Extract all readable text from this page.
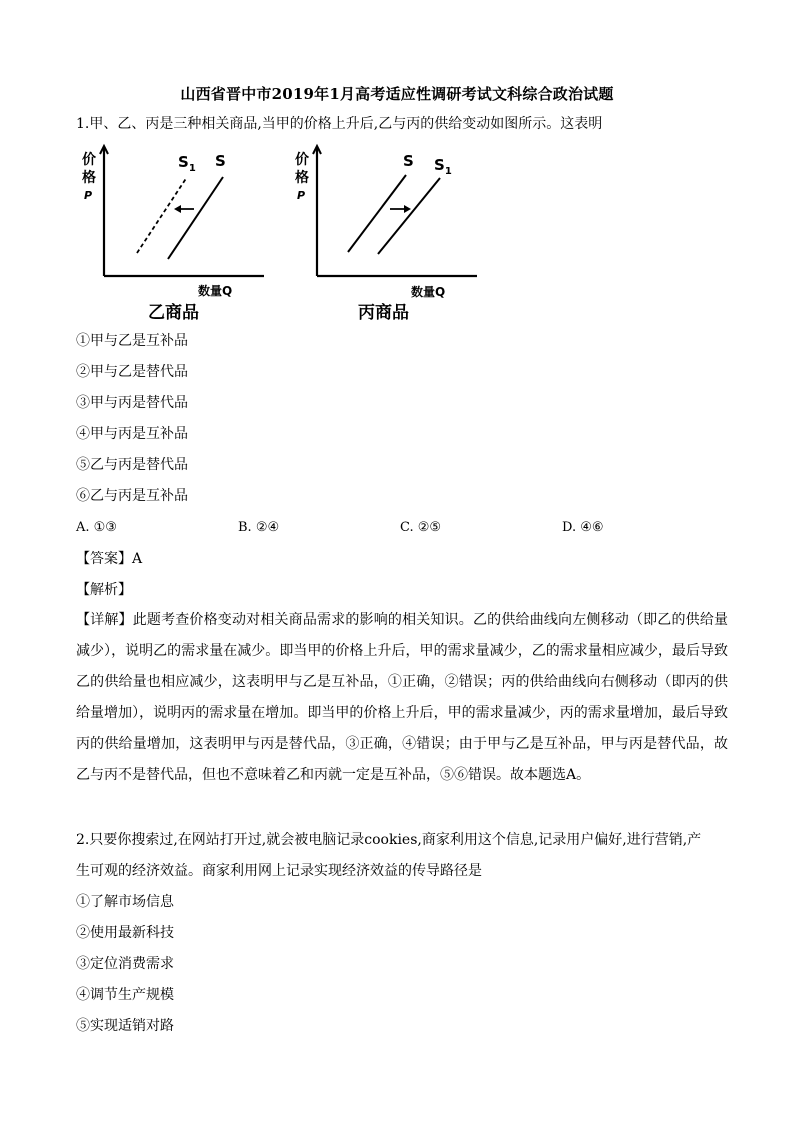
山西省晋中市2019年1月高考适应性调研考试文科综合政治试题
1.甲、乙、丙是三种相关商品,当甲的价格上升后,乙与丙的供给变动如图所示。这表明
价
格
P
$S_1$ S
数量Q
乙商品
价
格
P
S $S_1$
数量Q
丙商品
①甲与乙是互补品
②甲与乙是替代品
③甲与丙是替代品
④甲与丙是互补品
⑤乙与丙是替代品
⑥乙与丙是互补品
A. ①③	B. ②④	C. ②⑤	D. ④⑥
【答案】A
【解析】

【详解】此题考查价格变动对相关商品需求的影响的相关知识。乙的供给曲线向左侧移动（即乙的供给量减少），说明乙的需求量在减少。即当甲的价格上升后，甲的需求量减少，乙的需求量相应减少，最后导致乙的供给量也相应减少，这表明甲与乙是互补品，①正确，②错误；丙的供给曲线向右侧移动（即丙的供给量增加），说明丙的需求量在增加。即当甲的价格上升后，甲的需求量减少，丙的需求量增加，最后导致丙的供给量增加，这表明甲与丙是替代品，③正确，④错误；由于甲与乙是互补品，甲与丙是替代品，故乙与丙不是替代品，但也不意味着乙和丙就一定是互补品，⑤⑥错误。故本题选A。

2.只要你搜索过,在网站打开过,就会被电脑记录cookies,商家利用这个信息,记录用户偏好,进行营销,产
生可观的经济效益。商家利用网上记录实现经济效益的传导路径是
①了解市场信息
②使用最新科技
③定位消费需求
④调节生产规模
⑤实现适销对路
